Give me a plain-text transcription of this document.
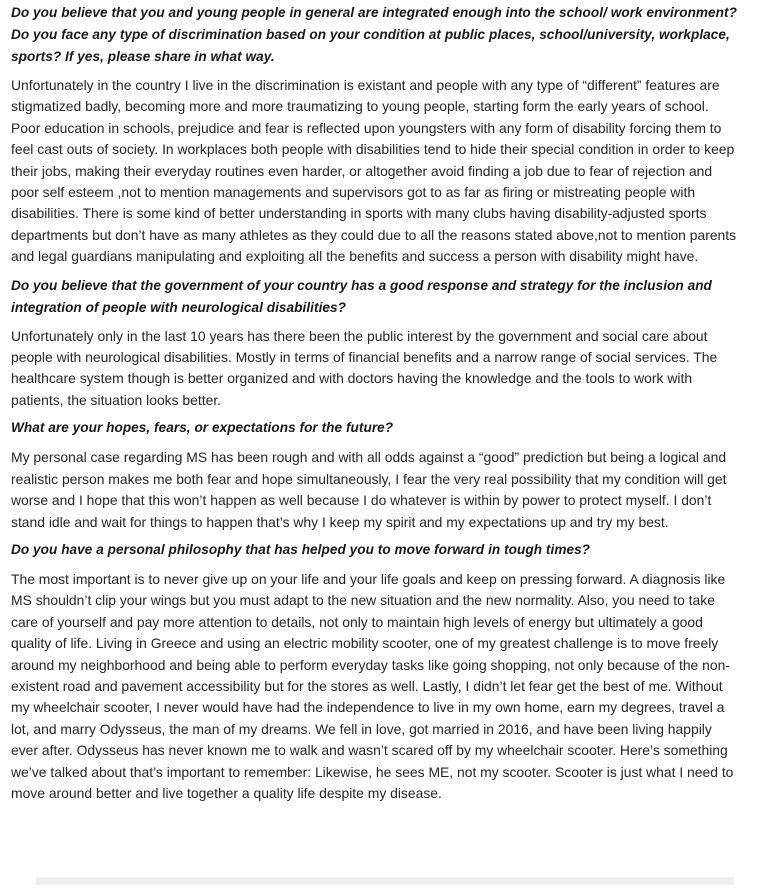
Do you believe that you and young people in general are integrated enough into the school/ work environment? Do you face any type of discrimination based on your condition at public places, school/university, workplace, sports? If yes, please share in what way.

Unfortunately in the country I live in the discrimination is existant and people with any type of “different” features are stigmatized badly, becoming more and more traumatizing to young people, starting form the early years of school. Poor education in schools, prejudice and fear is reflected upon youngsters with any form of disability forcing them to feel cast outs of society. In workplaces both people with disabilities tend to hide their special condition in order to keep their jobs, making their everyday routines even harder, or altogether avoid finding a job due to fear of rejection and poor self esteem ,not to mention managements and supervisors got to as far as firing or mistreating people with disabilities. There is some kind of better understanding in sports with many clubs having disability-adjusted sports departments but don’t have as many athletes as they could due to all the reasons stated above,not to mention parents and legal guardians manipulating and exploiting all the benefits and success a person with disability might have.

Do you believe that the government of your country has a good response and strategy for the inclusion and integration of people with neurological disabilities?

Unfortunately only in the last 10 years has there been the public interest by the government and social care about people with neurological disabilities. Mostly in terms of financial benefits and a narrow range of social services. The healthcare system though is better organized and with doctors having the knowledge and the tools to work with patients, the situation looks better.

What are your hopes, fears, or expectations for the future?

My personal case regarding MS has been rough and with all odds against a “good” prediction but being a logical and realistic person makes me both fear and hope simultaneously, I fear the very real possibility that my condition will get worse and I hope that this won’t happen as well because I do whatever is within by power to protect myself. I don’t stand idle and wait for things to happen that’s why I keep my spirit and my expectations up and try my best.

Do you have a personal philosophy that has helped you to move forward in tough times?

The most important is to never give up on your life and your life goals and keep on pressing forward. A diagnosis like MS shouldn’t clip your wings but you must adapt to the new situation and the new normality. Also, you need to take care of yourself and pay more attention to details, not only to maintain high levels of energy but ultimately a good quality of life. Living in Greece and using an electric mobility scooter, one of my greatest challenge is to move freely around my neighborhood and being able to perform everyday tasks like going shopping, not only because of the non-existent road and pavement accessibility but for the stores as well. Lastly, I didn’t let fear get the best of me. Without my wheelchair scooter, I never would have had the independence to live in my own home, earn my degrees, travel a lot, and marry Odysseus, the man of my dreams. We fell in love, got married in 2016, and have been living happily ever after. Odysseus has never known me to walk and wasn’t scared off by my wheelchair scooter. Here’s something we’ve talked about that’s important to remember: Likewise, he sees ME, not my scooter. Scooter is just what I need to move around better and live together a quality life despite my disease.
